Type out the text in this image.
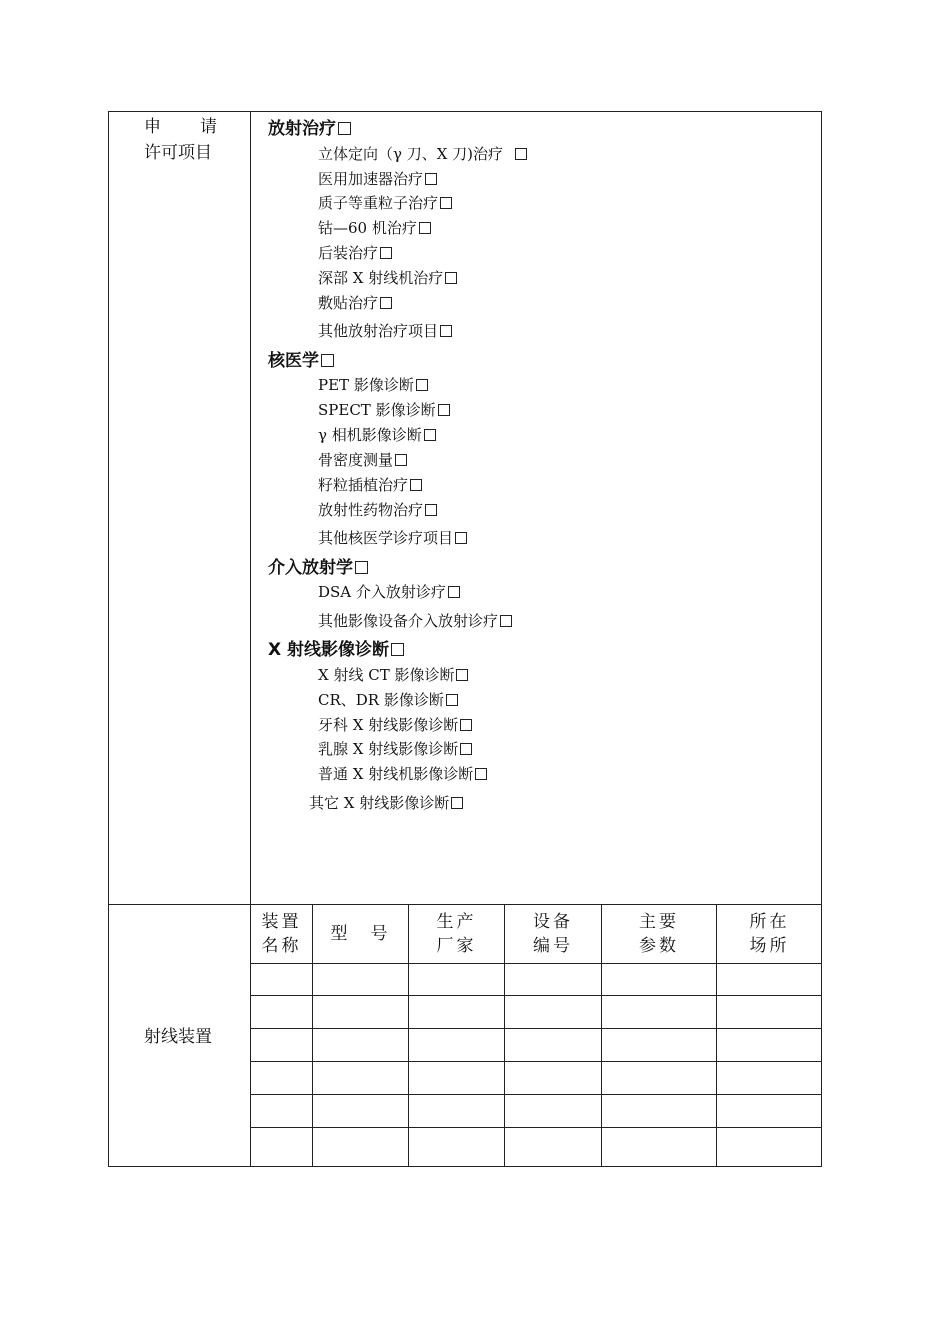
申 请
许可项目
放射治疗
立体定向（γ 刀、X 刀)治疗
医用加速器治疗
质子等重粒子治疗
钴—60 机治疗
后装治疗
深部 X 射线机治疗
敷贴治疗
其他放射治疗项目
核医学
PET 影像诊断
SPECT 影像诊断
γ 相机影像诊断
骨密度测量
籽粒插植治疗
放射性药物治疗
其他核医学诊疗项目
介入放射学
DSA 介入放射诊疗
其他影像设备介入放射诊疗
X 射线影像诊断
X 射线 CT 影像诊断
CR、DR 影像诊断
牙科 X 射线影像诊断
乳腺 X 射线影像诊断
普通 X 射线机影像诊断
其它 X 射线影像诊断
射线装置
装置
名称
型　号
生产
厂家
设备
编号
主要
参数
所在
场所
